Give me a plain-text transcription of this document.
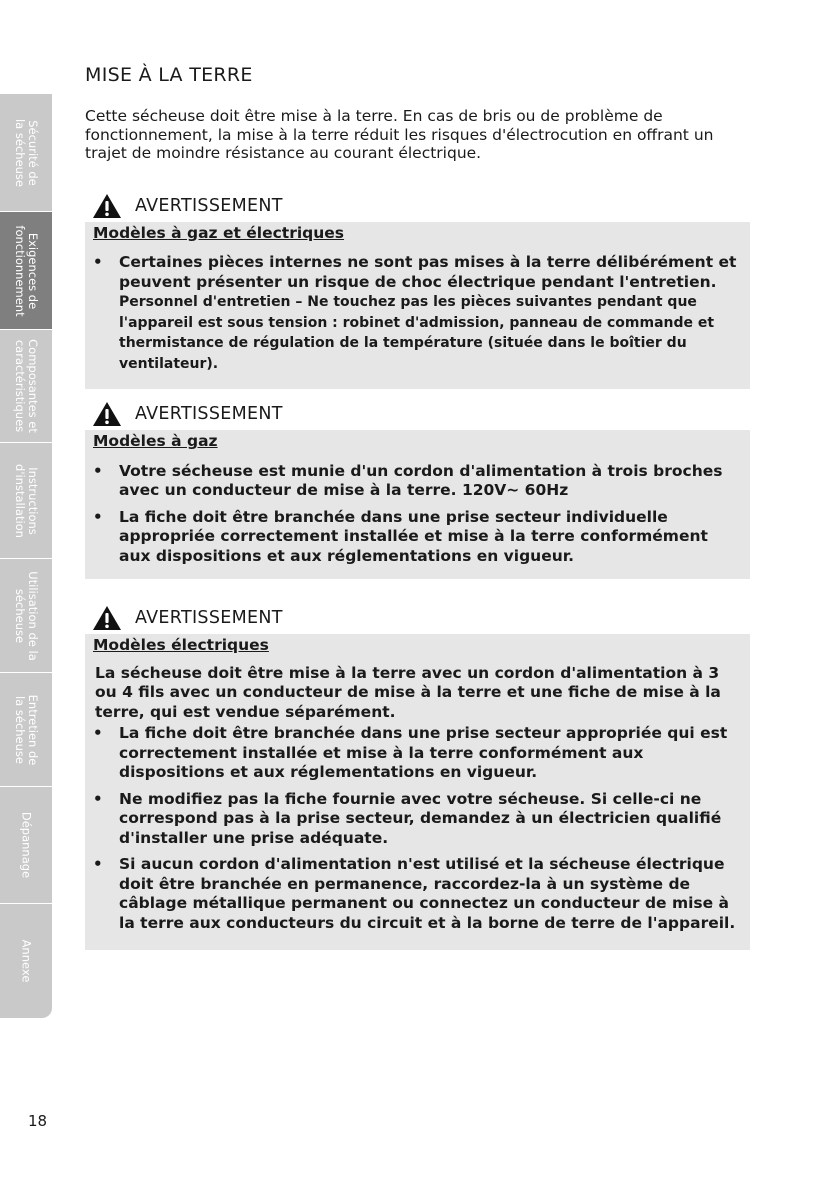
Sécurité de
la sécheuse
Exigences de
fonctionnement
Composantes et
caractéristiques
Instructions
d'installation
Utilisation de la
sécheuse
Entretien de
la sécheuse
Dépannage
Annexe
MISE À LA TERRE

Cette sécheuse doit être mise à la terre. En cas de bris ou de problème de fonctionnement, la mise à la terre réduit les risques d'électrocution en offrant un trajet de moindre résistance au courant électrique.

AVERTISSEMENT
Modèles à gaz et électriques
• Certaines pièces internes ne sont pas mises à la terre délibérément et peuvent présenter un risque de choc électrique pendant l'entretien. Personnel d'entretien – Ne touchez pas les pièces suivantes pendant que l'appareil est sous tension : robinet d'admission, panneau de commande et thermistance de régulation de la température (située dans le boîtier du ventilateur).
AVERTISSEMENT
Modèles à gaz
• Votre sécheuse est munie d'un cordon d'alimentation à trois broches avec un conducteur de mise à la terre. 120V~ 60Hz
• La fiche doit être branchée dans une prise secteur individuelle appropriée correctement installée et mise à la terre conformément aux dispositions et aux réglementations en vigueur.
AVERTISSEMENT
Modèles électriques

La sécheuse doit être mise à la terre avec un cordon d'alimentation à 3 ou 4 fils avec un conducteur de mise à la terre et une fiche de mise à la terre, qui est vendue séparément.

• La fiche doit être branchée dans une prise secteur appropriée qui est correctement installée et mise à la terre conformément aux dispositions et aux réglementations en vigueur.
• Ne modifiez pas la fiche fournie avec votre sécheuse. Si celle-ci ne correspond pas à la prise secteur, demandez à un électricien qualifié d'installer une prise adéquate.
• Si aucun cordon d'alimentation n'est utilisé et la sécheuse électrique doit être branchée en permanence, raccordez-la à un système de câblage métallique permanent ou connectez un conducteur de mise à la terre aux conducteurs du circuit et à la borne de terre de l'appareil.
18
